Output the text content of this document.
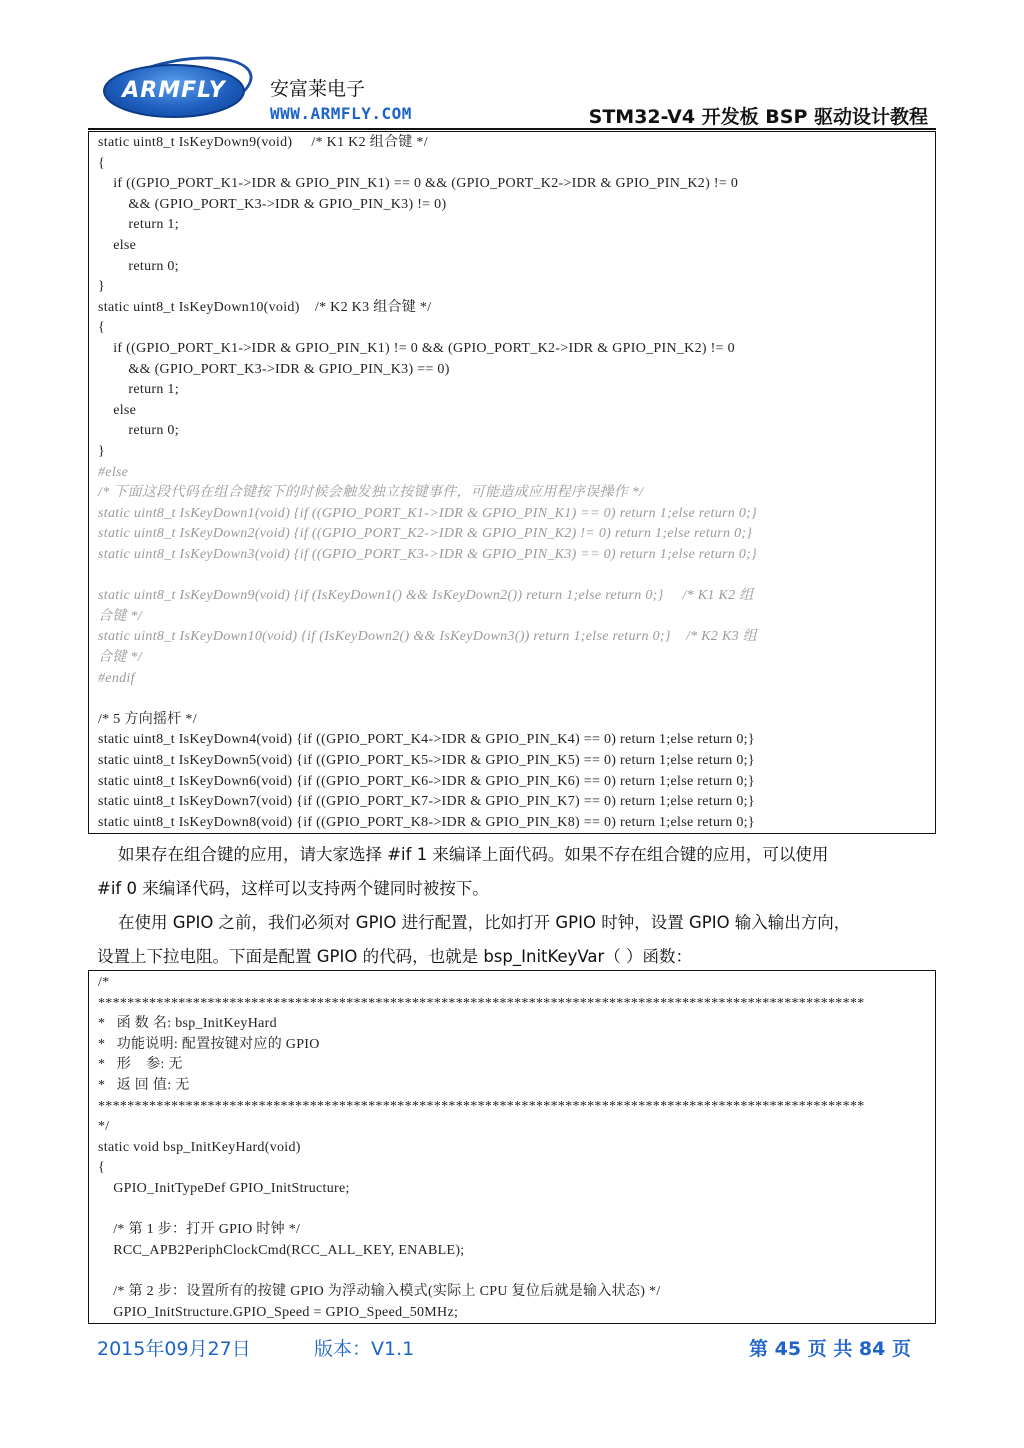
ARMFLY	安富莱电子
WWW.ARMFLY.COM	STM32-V4 开发板 BSP 驱动设计教程
static uint8_t IsKeyDown9(void)     /* K1 K2 组合键 */
{
if ((GPIO_PORT_K1->IDR & GPIO_PIN_K1) == 0 && (GPIO_PORT_K2->IDR & GPIO_PIN_K2) != 0
&& (GPIO_PORT_K3->IDR & GPIO_PIN_K3) != 0)
return 1;
else
return 0;
}
static uint8_t IsKeyDown10(void)    /* K2 K3 组合键 */
{
if ((GPIO_PORT_K1->IDR & GPIO_PIN_K1) != 0 && (GPIO_PORT_K2->IDR & GPIO_PIN_K2) != 0
&& (GPIO_PORT_K3->IDR & GPIO_PIN_K3) == 0)
return 1;
else
return 0;
}
#else
/* 下面这段代码在组合键按下的时候会触发独立按键事件，可能造成应用程序误操作 */
static uint8_t IsKeyDown1(void) {if ((GPIO_PORT_K1->IDR & GPIO_PIN_K1) == 0) return 1;else return 0;}
static uint8_t IsKeyDown2(void) {if ((GPIO_PORT_K2->IDR & GPIO_PIN_K2) != 0) return 1;else return 0;}
static uint8_t IsKeyDown3(void) {if ((GPIO_PORT_K3->IDR & GPIO_PIN_K3) == 0) return 1;else return 0;}
static uint8_t IsKeyDown9(void) {if (IsKeyDown1() && IsKeyDown2()) return 1;else return 0;}     /* K1 K2 组
合键 */
static uint8_t IsKeyDown10(void) {if (IsKeyDown2() && IsKeyDown3()) return 1;else return 0;}    /* K2 K3 组
合键 */
#endif
/* 5 方向摇杆 */
static uint8_t IsKeyDown4(void) {if ((GPIO_PORT_K4->IDR & GPIO_PIN_K4) == 0) return 1;else return 0;}
static uint8_t IsKeyDown5(void) {if ((GPIO_PORT_K5->IDR & GPIO_PIN_K5) == 0) return 1;else return 0;}
static uint8_t IsKeyDown6(void) {if ((GPIO_PORT_K6->IDR & GPIO_PIN_K6) == 0) return 1;else return 0;}
static uint8_t IsKeyDown7(void) {if ((GPIO_PORT_K7->IDR & GPIO_PIN_K7) == 0) return 1;else return 0;}
static uint8_t IsKeyDown8(void) {if ((GPIO_PORT_K8->IDR & GPIO_PIN_K8) == 0) return 1;else return 0;}
如果存在组合键的应用，请大家选择 #if 1 来编译上面代码。如果不存在组合键的应用，可以使用
#if 0 来编译代码，这样可以支持两个键同时被按下。
在使用 GPIO 之前，我们必须对 GPIO 进行配置，比如打开 GPIO 时钟，设置 GPIO 输入输出方向，
设置上下拉电阻。下面是配置 GPIO 的代码，也就是 bsp_InitKeyVar（ ）函数：
/*
*********************************************************************************************************
*   函 数 名: bsp_InitKeyHard
*   功能说明: 配置按键对应的 GPIO
*   形    参: 无
*   返 回 值: 无
*********************************************************************************************************
*/
static void bsp_InitKeyHard(void)
{
GPIO_InitTypeDef GPIO_InitStructure;
/* 第 1 步：打开 GPIO 时钟 */
RCC_APB2PeriphClockCmd(RCC_ALL_KEY, ENABLE);
/* 第 2 步：设置所有的按键 GPIO 为浮动输入模式(实际上 CPU 复位后就是输入状态) */
GPIO_InitStructure.GPIO_Speed = GPIO_Speed_50MHz;
2015年09月27日	版本：V1.1	第 45 页 共 84 页
